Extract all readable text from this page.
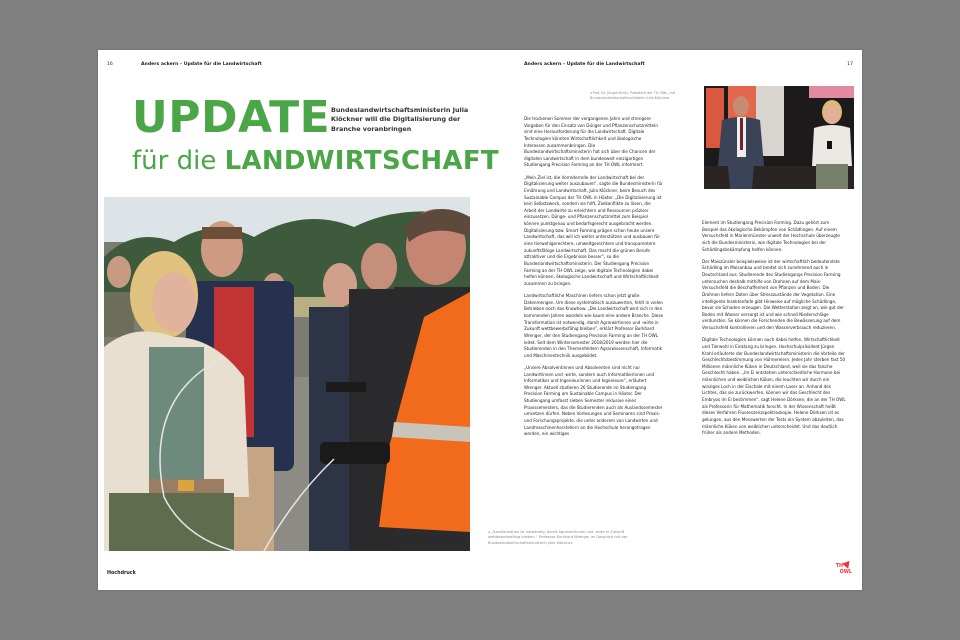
16	Anders ackern – Update für die Landwirtschaft
UPDATE Bundeslandwirtschaftsministerin Julia Klöckner will die Digitalisierung der Branche voranbringen
für die LANDWIRTSCHAFT
Hochdruck
Anders ackern – Update für die Landwirtschaft	17
◂ Prof. Dr. Jürgen Krahl, Präsident der TH OWL, mit Bundeslandwirtschaftsministerin Julia Klöckner

Die trockenen Sommer der vergangenen Jahre und strengere Vorgaben für den Einsatz von Dünger und Pflanzenschutzmitteln sind eine Herausforderung für die Landwirtschaft. Digitale Technologien könnten Wirtschaftlichkeit und ökologische Interessen zusammenbringen. Die Bundeslandwirtschaftsministerin hat sich über die Chancen der digitalen Landwirtschaft in dem bundesweit einzigartigen Studiengang Precision Farming an der TH OWL informiert.

„Mein Ziel ist, die Vorreiterrolle der Landwirtschaft bei der Digitalisierung weiter auszubauen“, sagte die Bundesministerin für Ernährung und Landwirtschaft, Julia Klöckner, beim Besuch des Sustainable Campus der TH OWL in Höxter. „Die Digitalisierung ist kein Selbstzweck, sondern sie hilft, Zielkonflikte zu lösen, die Arbeit der Landwirte zu erleichtern und Ressourcen präziser einzusetzen. Dünge- und Pflanzenschutzmittel zum Beispiel können punktgenau und bedarfsgerecht ausgebracht werden. Digitalisierung bzw. Smart Farming prägen schon heute unsere Landwirtschaft, das will ich weiter unterstützen und ausbauen für eine tierwohlgerechtere, umweltgerechtere und transparentere zukunftsfähige Landwirtschaft. Das macht die grünen Berufe attraktiver und die Ergebnisse besser“, so die Bundeslandwirtschaftsministerin. Der Studiengang Precision Farming an der TH OWL zeige, wie digitale Technologien dabei helfen können, ökologische Landwirtschaft und Wirtschaftlichkeit zusammen zu bringen.

Landwirtschaftliche Maschinen liefern schon jetzt große Datenmengen. Um diese systematisch auszuwerten, fehlt in vielen Betrieben noch das Knowhow. „Die Landwirtschaft wird sich in den kommenden Jahren wandeln wie kaum eine andere Branche. Diese Transformation ist notwendig, damit Agrarwirtinnen und -wirte in Zukunft wettbewerbsfähig bleiben“, erklärt Professor Burkhard Wrenger, der den Studiengang Precision Farming an der TH OWL leitet. Seit dem Wintersemester 2018/2019 werden hier die Studierenden in den Themenfeldern Agrarwissenschaft, Informatik und Maschinentechnik ausgebildet.

„Unsere Absolventinnen und Absolventen sind nicht nur Landwirtinnen und -wirte, sondern auch Informatikerinnen und Informatiker und Ingenieurinnen und Ingenieure“, erläutert Wrenger. Aktuell studieren 26 Studierende im Studiengang Precision Farming am Sustainable Campus in Höxter. Der Studiengang umfasst sieben Semester inklusive eines Praxissemesters, das die Studierenden auch als Auslandssemester umsetzen dürfen. Neben Vorlesungen und Seminaren sind Praxis- und Forschungsprojekte, die unter anderem von Landwirten und Landmaschinenherstellern an die Hochschule herangetragen werden, ein wichtiges

Element im Studiengang Precision Farming. Dazu gehört zum Beispiel das ökologische Bekämpfen von Schädlingen. Auf einem Versuchsfeld in Marienmünster unweit der Hochschule überzeugte sich die Bundesministerin, wie digitale Technologien bei der Schädlingsbekämpfung helfen können.

Der Maiszünsler beispielsweise ist der wirtschaftlich bedeutendste Schädling im Maisanbau und breitet sich zunehmend auch in Deutschland aus. Studierende des Studiengangs Precision Farming untersuchen deshalb mithilfe von Drohnen auf dem Mais-Versuchsfeld die Beschaffenheit von Pflanzen und Boden. Die Drohnen liefern Daten über Stresszustände der Vegetation. Eine intelligente Insektenfalle gibt Hinweise auf mögliche Schädlinge, bevor sie Schaden erzeugen. Die Wetterstation zeigt an, wie gut der Boden mit Wasser versorgt ist und wie schnell Niederschläge verdunsten. So können die Forschenden die Bewässerung auf dem Versuchsfeld kontrollieren und den Wasserverbrauch reduzieren.

Digitale Technologien können auch dabei helfen, Wirtschaftlichkeit und Tierwohl in Einklang zu bringen. Hochschulpräsident Jürgen Krahl erläuterte der Bundeslandwirtschaftsministerin die Vorteile der Geschlechtsbestimmung von Hühnereiern. Jedes Jahr sterben fast 50 Millionen männliche Küken in Deutschland, weil sie das falsche Geschlecht haben. „Im Ei entstehen unterschiedliche Hormone bei männlichen und weiblichen Küken, die leuchten wir durch ein winziges Loch in der Eischale mit einem Laser an. Anhand des Lichtes, das sie zurückwerfen, können wir das Geschlecht des Embryos im Ei bestimmen“, sagt Helene Dörksen, die an der TH OWL als Professorin für Mathematik forscht. In der Wissenschaft heißt dieses Verfahren Fluoreszenzspektroskopie. Helene Dörksen ist es gelungen, aus den Messwerten der Tests ein System abzuleiten, das männliche Küken von weiblichen unterscheidet. Und das deutlich früher als andere Methoden.

◂ „Transformation ist notwendig, damit Agrarwirtinnen und -wirte in Zukunft wettbewerbsfähig bleiben.“ Professor Burkhard Wrenger im Gespräch mit der Bundeslandwirtschaftsministerin Julia Klöckner.
TH
OWL
